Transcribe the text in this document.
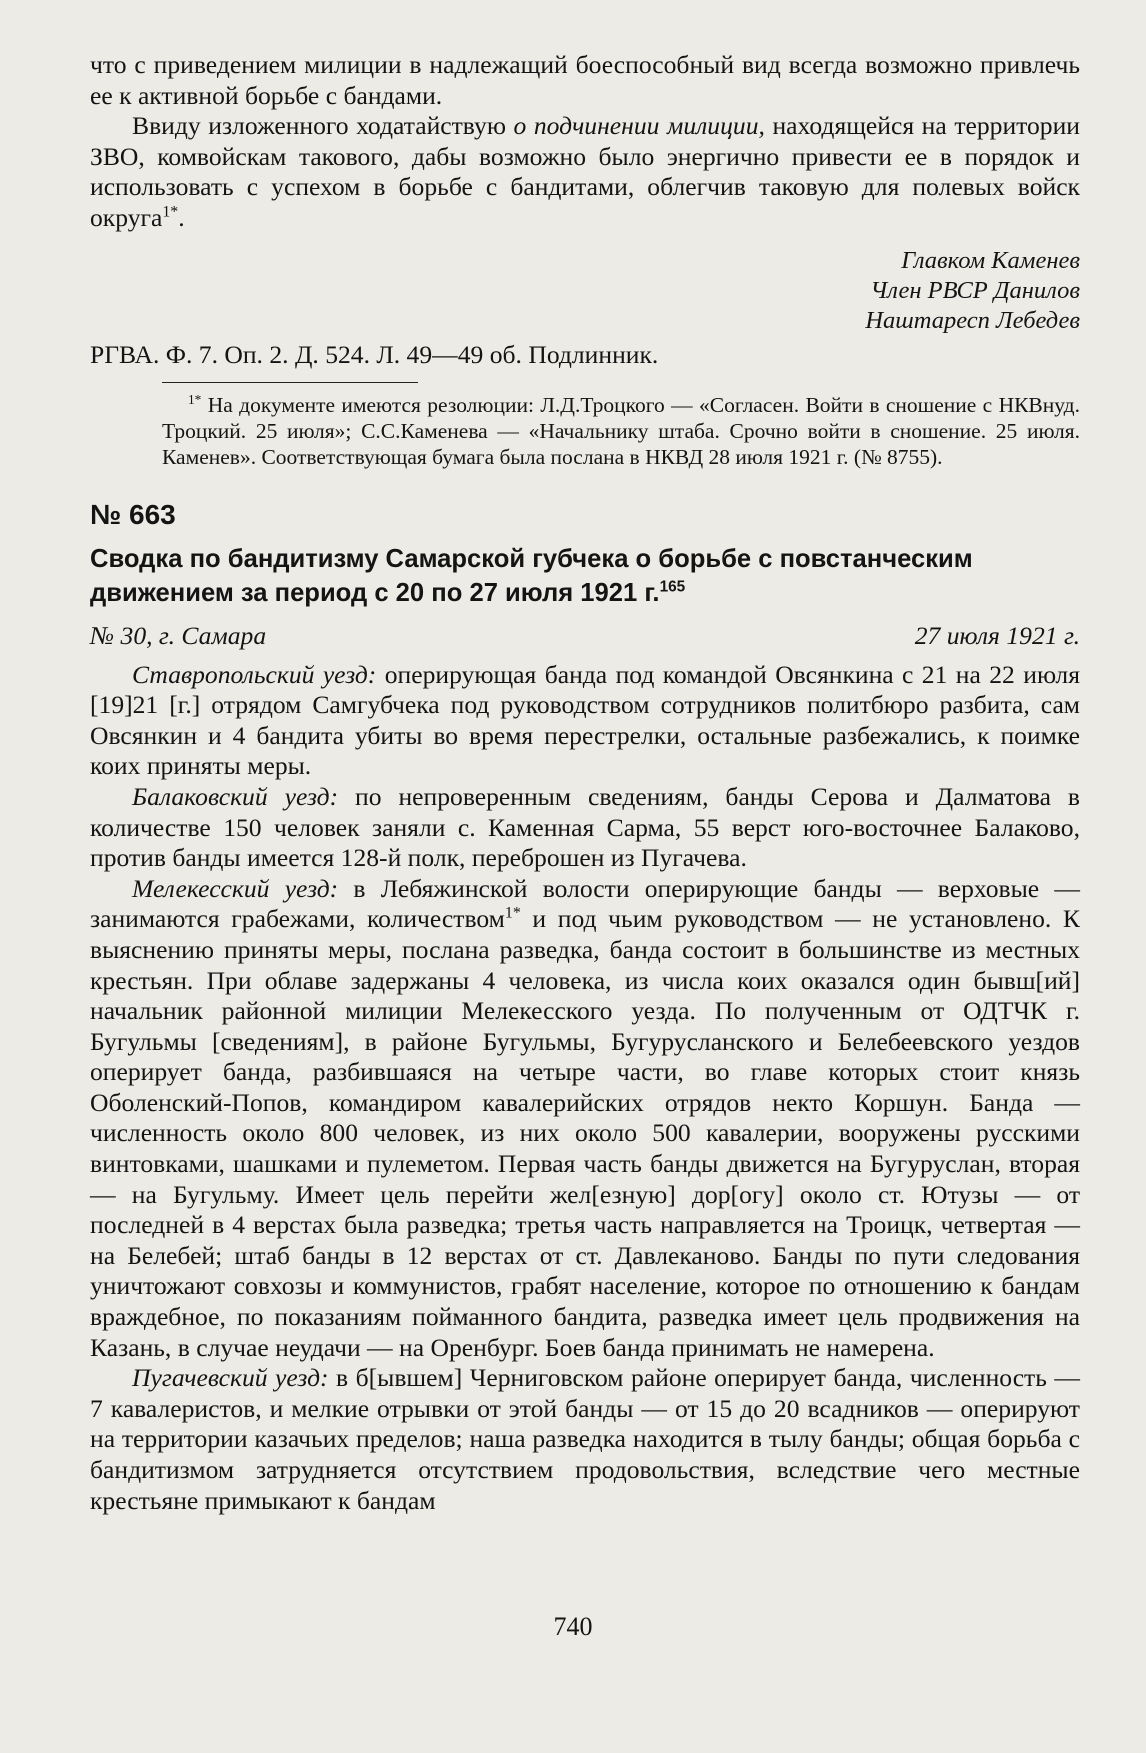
что с приведением милиции в надлежащий боеспособный вид всегда возможно привлечь ее к активной борьбе с бандами.

Ввиду изложенного ходатайствую о подчинении милиции, находящейся на территории ЗВО, комвойскам такового, дабы возможно было энергично привести ее в порядок и использовать с успехом в борьбе с бандитами, облегчив таковую для полевых войск округа$^{1*}$.

Главком Каменев
Член РВСР Данилов
Наштаресп Лебедев

РГВА. Ф. 7. Оп. 2. Д. 524. Л. 49—49 об. Подлинник.

$^{1*}$ На документе имеются резолюции: Л.Д.Троцкого — «Согласен. Войти в сношение с НКВнуд. Троцкий. 25 июля»; С.С.Каменева — «Начальнику штаба. Срочно войти в сношение. 25 июля. Каменев». Соответствующая бумага была послана в НКВД 28 июля 1921 г. (№ 8755).

№ 663
Сводка по бандитизму Самарской губчека о борьбе с повстанческим движением за период с 20 по 27 июля 1921 г.$^{165}$
№ 30, г. Самара	27 июля 1921 г.

Ставропольский уезд: оперирующая банда под командой Овсянкина с 21 на 22 июля [19]21 [г.] отрядом Самгубчека под руководством сотрудников политбюро разбита, сам Овсянкин и 4 бандита убиты во время перестрелки, остальные разбежались, к поимке коих приняты меры.

Балаковский уезд: по непроверенным сведениям, банды Серова и Далматова в количестве 150 человек заняли с. Каменная Сарма, 55 верст юго-восточнее Балаково, против банды имеется 128-й полк, переброшен из Пугачева.

Мелекесский уезд: в Лебяжинской волости оперирующие банды — верховые — занимаются грабежами, количеством$^{1*}$ и под чьим руководством — не установлено. К выяснению приняты меры, послана разведка, банда состоит в большинстве из местных крестьян. При облаве задержаны 4 человека, из числа коих оказался один бывш[ий] начальник районной милиции Мелекесского уезда. По полученным от ОДТЧК г. Бугульмы [сведениям], в районе Бугульмы, Бугурусланского и Белебеевского уездов оперирует банда, разбившаяся на четыре части, во главе которых стоит князь Оболенский-Попов, командиром кавалерийских отрядов некто Коршун. Банда — численность около 800 человек, из них около 500 кавалерии, вооружены русскими винтовками, шашками и пулеметом. Первая часть банды движется на Бугуруслан, вторая — на Бугульму. Имеет цель перейти жел[езную] дор[огу] около ст. Ютузы — от последней в 4 верстах была разведка; третья часть направляется на Троицк, четвертая — на Белебей; штаб банды в 12 верстах от ст. Давлеканово. Банды по пути следования уничтожают совхозы и коммунистов, грабят население, которое по отношению к бандам враждебное, по показаниям пойманного бандита, разведка имеет цель продвижения на Казань, в случае неудачи — на Оренбург. Боев банда принимать не намерена.

Пугачевский уезд: в б[ывшем] Черниговском районе оперирует банда, численность — 7 кавалеристов, и мелкие отрывки от этой банды — от 15 до 20 всадников — оперируют на территории казачьих пределов; наша разведка находится в тылу банды; общая борьба с бандитизмом затрудняется отсутствием продовольствия, вследствие чего местные крестьяне примыкают к бандам

740
